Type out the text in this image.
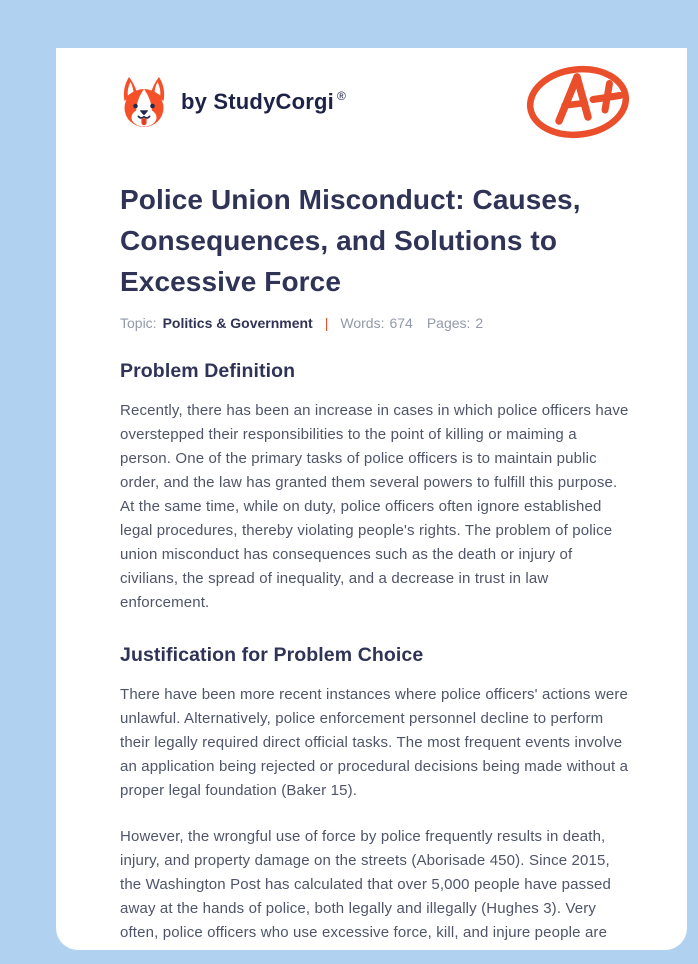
by StudyCorgi ®
Police Union Misconduct: Causes, Consequences, and Solutions to Excessive Force
Topic: Politics & Government | Words: 674 Pages: 2
Problem Definition

Recently, there has been an increase in cases in which police officers have overstepped their responsibilities to the point of killing or maiming a person. One of the primary tasks of police officers is to maintain public order, and the law has granted them several powers to fulfill this purpose. At the same time, while on duty, police officers often ignore established legal procedures, thereby violating people's rights. The problem of police union misconduct has consequences such as the death or injury of civilians, the spread of inequality, and a decrease in trust in law enforcement.

Justification for Problem Choice

There have been more recent instances where police officers' actions were unlawful. Alternatively, police enforcement personnel decline to perform their legally required direct official tasks. The most frequent events involve an application being rejected or procedural decisions being made without a proper legal foundation (Baker 15).

However, the wrongful use of force by police frequently results in death, injury, and property damage on the streets (Aborisade 450). Since 2015, the Washington Post has calculated that over 5,000 people have passed away at the hands of police, both legally and illegally (Hughes 3). Very often, police officers who use excessive force, kill, and injure people are
